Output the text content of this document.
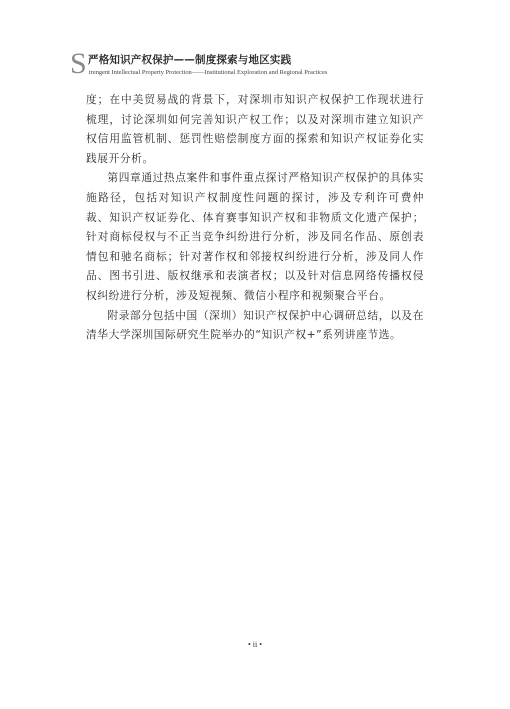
S 严格知识产权保护——制度探索与地区实践
trengent Intellectual Property Protection——Institutional Exploration and Regional Practices

度；在中美贸易战的背景下，对深圳市知识产权保护工作现状进行梳理，讨论深圳如何完善知识产权工作；以及对深圳市建立知识产权信用监管机制、惩罚性赔偿制度方面的探索和知识产权证券化实践展开分析。

第四章通过热点案件和事件重点探讨严格知识产权保护的具体实施路径，包括对知识产权制度性问题的探讨，涉及专利许可费仲裁、知识产权证券化、体育赛事知识产权和非物质文化遗产保护；针对商标侵权与不正当竞争纠纷进行分析，涉及同名作品、原创表情包和驰名商标；针对著作权和邻接权纠纷进行分析，涉及同人作品、图书引进、版权继承和表演者权；以及针对信息网络传播权侵权纠纷进行分析，涉及短视频、微信小程序和视频聚合平台。

附录部分包括中国（深圳）知识产权保护中心调研总结，以及在清华大学深圳国际研究生院举办的“知识产权+”系列讲座节选。

• ii •
